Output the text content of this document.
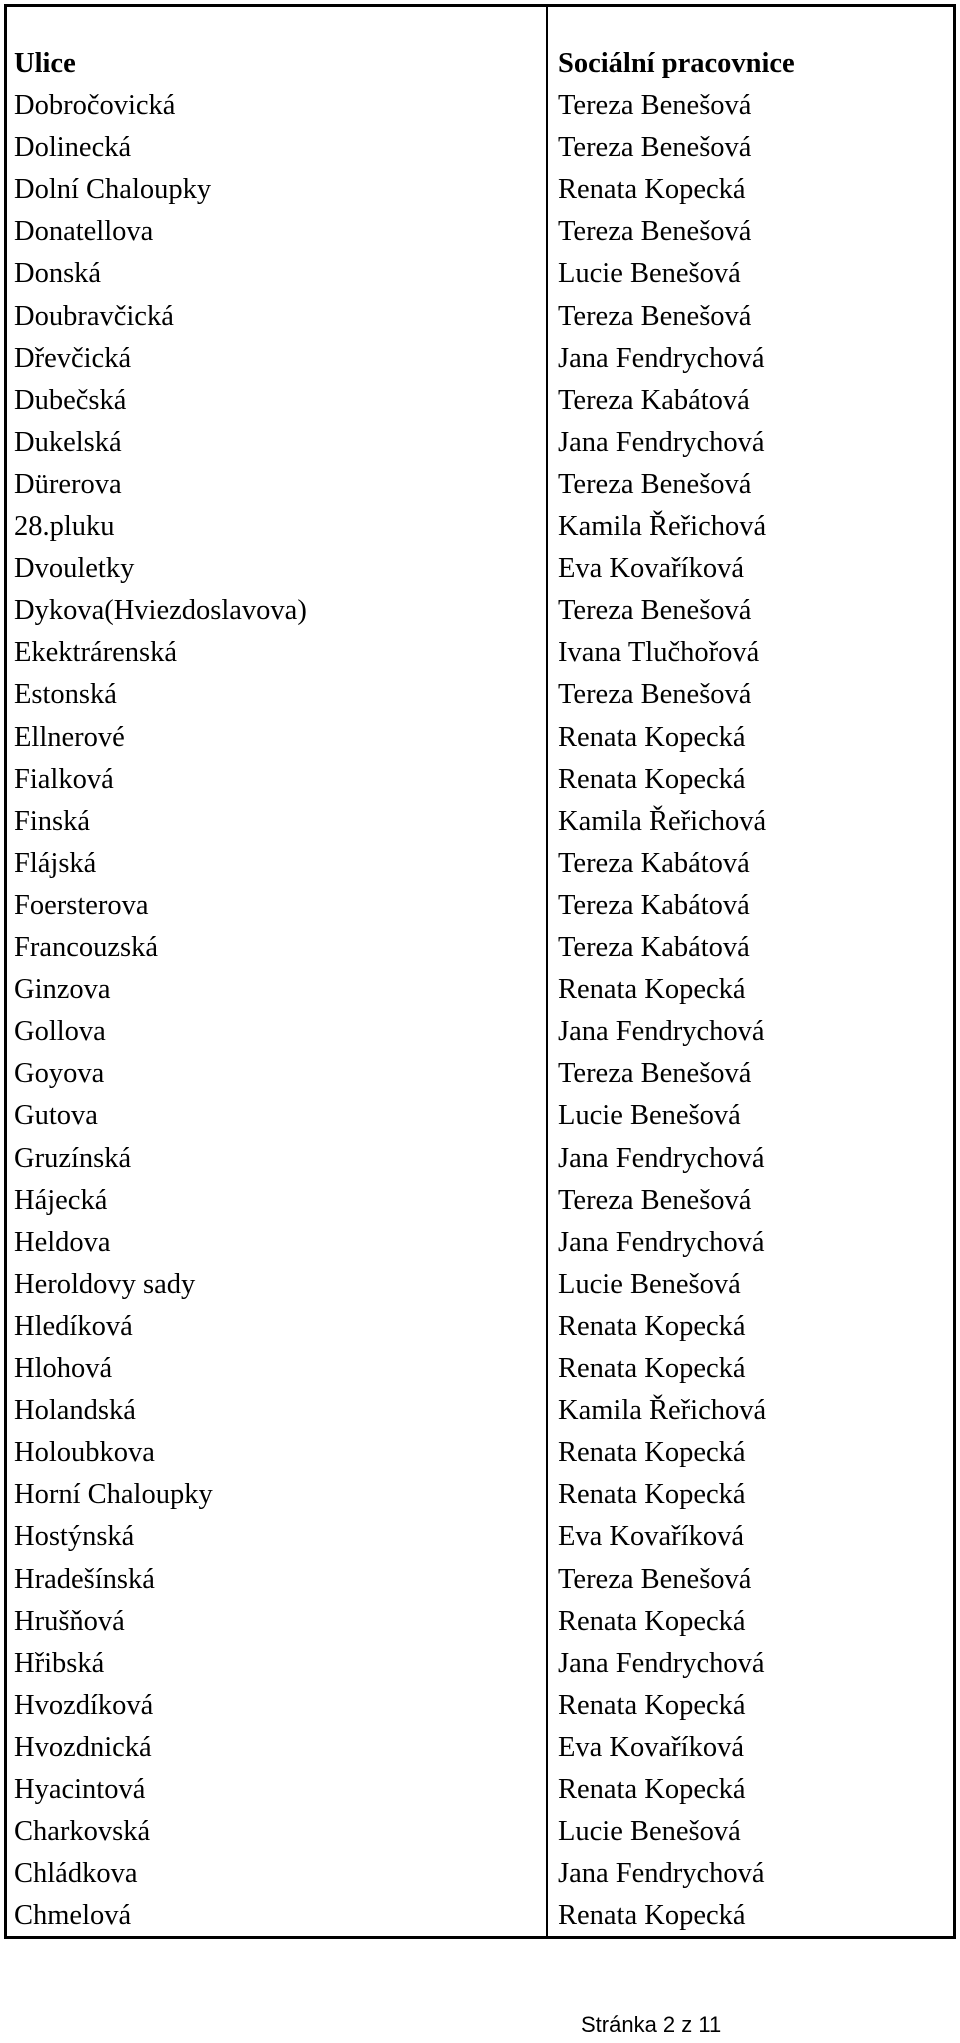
Ulice
Dobročovická
Dolinecká
Dolní Chaloupky
Donatellova
Donská
Doubravčická
Dřevčická
Dubečská
Dukelská
Dürerova
28.pluku
Dvouletky
Dykova(Hviezdoslavova)
Ekektrárenská
Estonská
Ellnerové
Fialková
Finská
Flájská
Foersterova
Francouzská
Ginzova
Gollova
Goyova
Gutova
Gruzínská
Hájecká
Heldova
Heroldovy sady
Hledíková
Hlohová
Holandská
Holoubkova
Horní Chaloupky
Hostýnská
Hradešínská
Hrušňová
Hřibská
Hvozdíková
Hvozdnická
Hyacintová
Charkovská
Chládkova
Chmelová
Sociální pracovnice
Tereza Benešová
Tereza Benešová
Renata Kopecká
Tereza Benešová
Lucie Benešová
Tereza Benešová
Jana Fendrychová
Tereza Kabátová
Jana Fendrychová
Tereza Benešová
Kamila Řeřichová
Eva Kovaříková
Tereza Benešová
Ivana Tlučhořová
Tereza Benešová
Renata Kopecká
Renata Kopecká
Kamila Řeřichová
Tereza Kabátová
Tereza Kabátová
Tereza Kabátová
Renata Kopecká
Jana Fendrychová
Tereza Benešová
Lucie Benešová
Jana Fendrychová
Tereza Benešová
Jana Fendrychová
Lucie Benešová
Renata Kopecká
Renata Kopecká
Kamila Řeřichová
Renata Kopecká
Renata Kopecká
Eva Kovaříková
Tereza Benešová
Renata Kopecká
Jana Fendrychová
Renata Kopecká
Eva Kovaříková
Renata Kopecká
Lucie Benešová
Jana Fendrychová
Renata Kopecká
Stránka 2 z 11
